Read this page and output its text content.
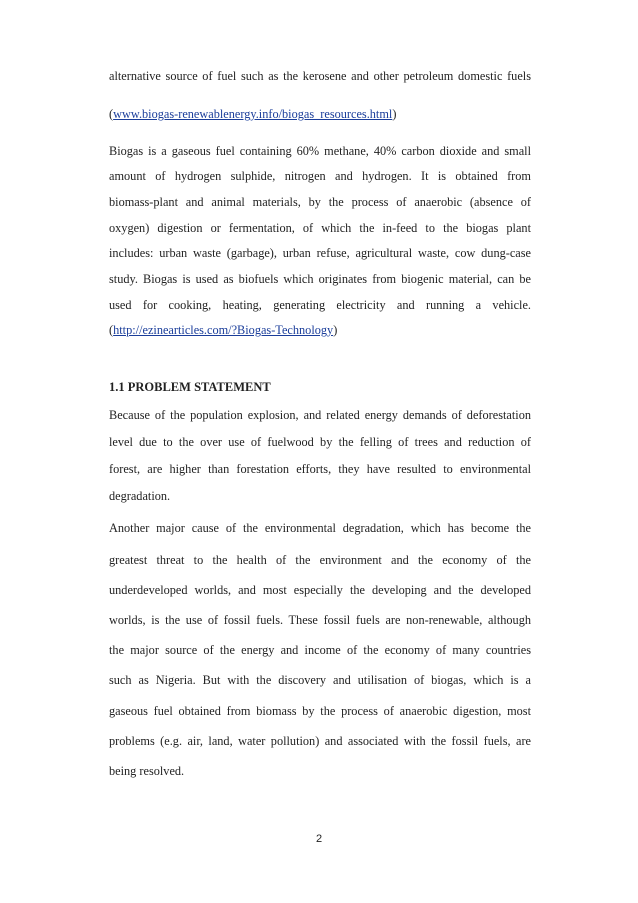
alternative source of fuel such as the kerosene and other petroleum domestic fuels
(www.biogas-renewablenergy.info/biogas_resources.html)
Biogas is a gaseous fuel containing 60% methane, 40% carbon dioxide and small
amount of hydrogen sulphide, nitrogen and hydrogen. It is obtained from
biomass-plant and animal materials, by the process of anaerobic (absence of
oxygen) digestion or fermentation, of which the in-feed to the biogas plant
includes: urban waste (garbage), urban refuse, agricultural waste, cow dung-case
study. Biogas is used as biofuels which originates from biogenic material, can be
used for cooking, heating, generating electricity and running a vehicle.
(http://ezinearticles.com/?Biogas-Technology)
1.1 PROBLEM STATEMENT
Because of the population explosion, and related energy demands of deforestation
level due to the over use of fuelwood by the felling of trees and reduction of
forest, are higher than forestation efforts, they have resulted to environmental
degradation.
Another major cause of the environmental degradation, which has become the
greatest threat to the health of the environment and the economy of the
underdeveloped worlds, and most especially the developing and the developed
worlds, is the use of fossil fuels. These fossil fuels are non-renewable, although
the major source of the energy and income of the economy of many countries
such as Nigeria. But with the discovery and utilisation of biogas, which is a
gaseous fuel obtained from biomass by the process of anaerobic digestion, most
problems (e.g. air, land, water pollution) and associated with the fossil fuels, are
being resolved.
2
